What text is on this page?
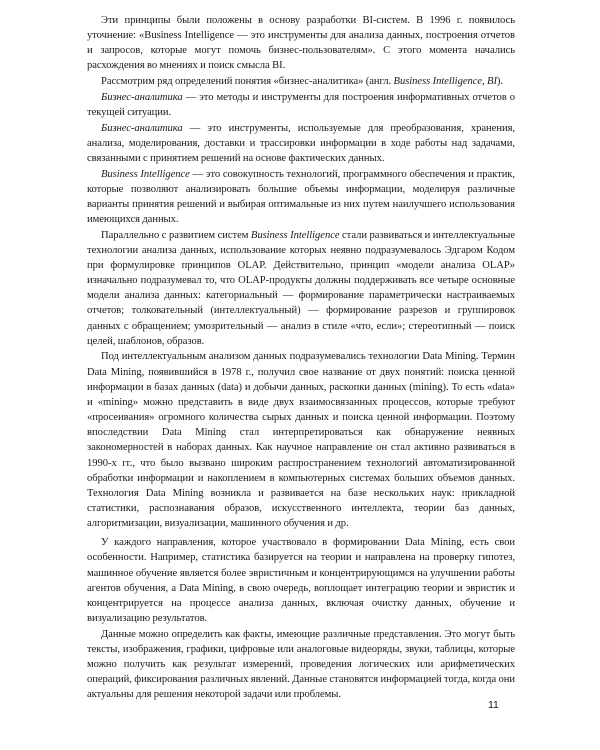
Эти принципы были положены в основу разработки BI-систем. В 1996 г. появилось уточнение: «Business Intelligence — это инструменты для анализа данных, построения отчетов и запросов, которые могут помочь бизнес-пользователям». С этого момента начались расхождения во мнениях и поиск смысла BI.

Рассмотрим ряд определений понятия «бизнес-аналитика» (англ. Business Intelligence, BI).

Бизнес-аналитика — это методы и инструменты для построения информативных отчетов о текущей ситуации.

Бизнес-аналитика — это инструменты, используемые для преобразования, хранения, анализа, моделирования, доставки и трассировки информации в ходе работы над задачами, связанными с принятием решений на основе фактических данных.

Business Intelligence — это совокупность технологий, программного обеспечения и практик, которые позволяют анализировать большие объемы информации, моделируя различные варианты принятия решений и выбирая оптимальные из них путем наилучшего использования имеющихся данных.

Параллельно с развитием систем Business Intelligence стали развиваться и интеллектуальные технологии анализа данных, использование которых неявно подразумевалось Эдгаром Кодом при формулировке принципов OLAP. Действительно, принцип «модели анализа OLAP» изначально подразумевал то, что OLAP-продукты должны поддерживать все четыре основные модели анализа данных: категориальный — формирование параметрически настраиваемых отчетов; толковательный (интеллектуальный) — формирование разрезов и группировок данных с обращением; умозрительный — анализ в стиле «что, если»; стереотипный — поиск целей, шаблонов, образов.

Под интеллектуальным анализом данных подразумевались технологии Data Mining. Термин Data Mining, появившийся в 1978 г., получил свое название от двух понятий: поиска ценной информации в базах данных (data) и добычи данных, раскопки данных (mining). То есть «data» и «mining» можно представить в виде двух взаимосвязанных процессов, которые требуют «просеивания» огромного количества сырых данных и поиска ценной информации. Поэтому впоследствии Data Mining стал интерпретироваться как обнаружение неявных закономерностей в наборах данных. Как научное направление он стал активно развиваться в 1990-х гг., что было вызвано широким распространением технологий автоматизированной обработки информации и накоплением в компьютерных системах больших объемов данных. Технология Data Mining возникла и развивается на базе нескольких наук: прикладной статистики, распознавания образов, искусственного интеллекта, теории баз данных, алгоритмизации, визуализации, машинного обучения и др.

У каждого направления, которое участвовало в формировании Data Mining, есть свои особенности. Например, статистика базируется на теории и направлена на проверку гипотез, машинное обучение является более эвристичным и концентрирующимся на улучшении работы агентов обучения, а Data Mining, в свою очередь, воплощает интеграцию теории и эвристик и концентрируется на процессе анализа данных, включая очистку данных, обучение и визуализацию результатов.

Данные можно определить как факты, имеющие различные представления. Это могут быть тексты, изображения, графики, цифровые или аналоговые видеоряды, звуки, таблицы, которые можно получить как результат измерений, проведения логических или арифметических операций, фиксирования различных явлений. Данные становятся информацией тогда, когда они актуальны для решения некоторой задачи или проблемы.

11
